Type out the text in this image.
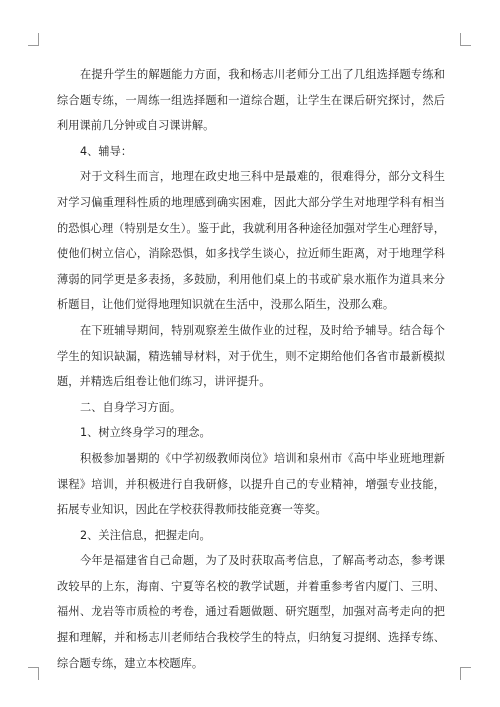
在提升学生的解题能力方面，我和杨志川老师分工出了几组选择题专练和综合题专练，一周练一组选择题和一道综合题，让学生在课后研究探讨，然后利用课前几分钟或自习课讲解。

4、辅导：

对于文科生而言，地理在政史地三科中是最难的，很难得分，部分文科生对学习偏重理科性质的地理感到确实困难，因此大部分学生对地理学科有相当的恐惧心理（特别是女生）。鉴于此，我就利用各种途径加强对学生心理舒导，使他们树立信心，消除恐惧，如多找学生谈心，拉近师生距离，对于地理学科薄弱的同学更是多表扬，多鼓励，利用他们桌上的书或矿泉水瓶作为道具来分析题目，让他们觉得地理知识就在生活中，没那么陌生，没那么难。

在下班辅导期间，特别观察差生做作业的过程，及时给予辅导。结合每个学生的知识缺漏，精选辅导材料，对于优生，则不定期给他们各省市最新模拟题，并精选后组卷让他们练习，讲评提升。

二、自身学习方面。

1、树立终身学习的理念。

积极参加暑期的《中学初级教师岗位》培训和泉州市《高中毕业班地理新课程》培训，并积极进行自我研修，以提升自己的专业精神，增强专业技能，拓展专业知识，因此在学校获得教师技能竞赛一等奖。

2、关注信息，把握走向。

今年是福建省自己命题，为了及时获取高考信息，了解高考动态，参考课改较早的上东，海南、宁夏等名校的教学试题，并着重参考省内厦门、三明、福州、龙岩等市质检的考卷，通过看题做题、研究题型，加强对高考走向的把握和理解，并和杨志川老师结合我校学生的特点，归纳复习提纲、选择专练、综合题专练，建立本校题库。
